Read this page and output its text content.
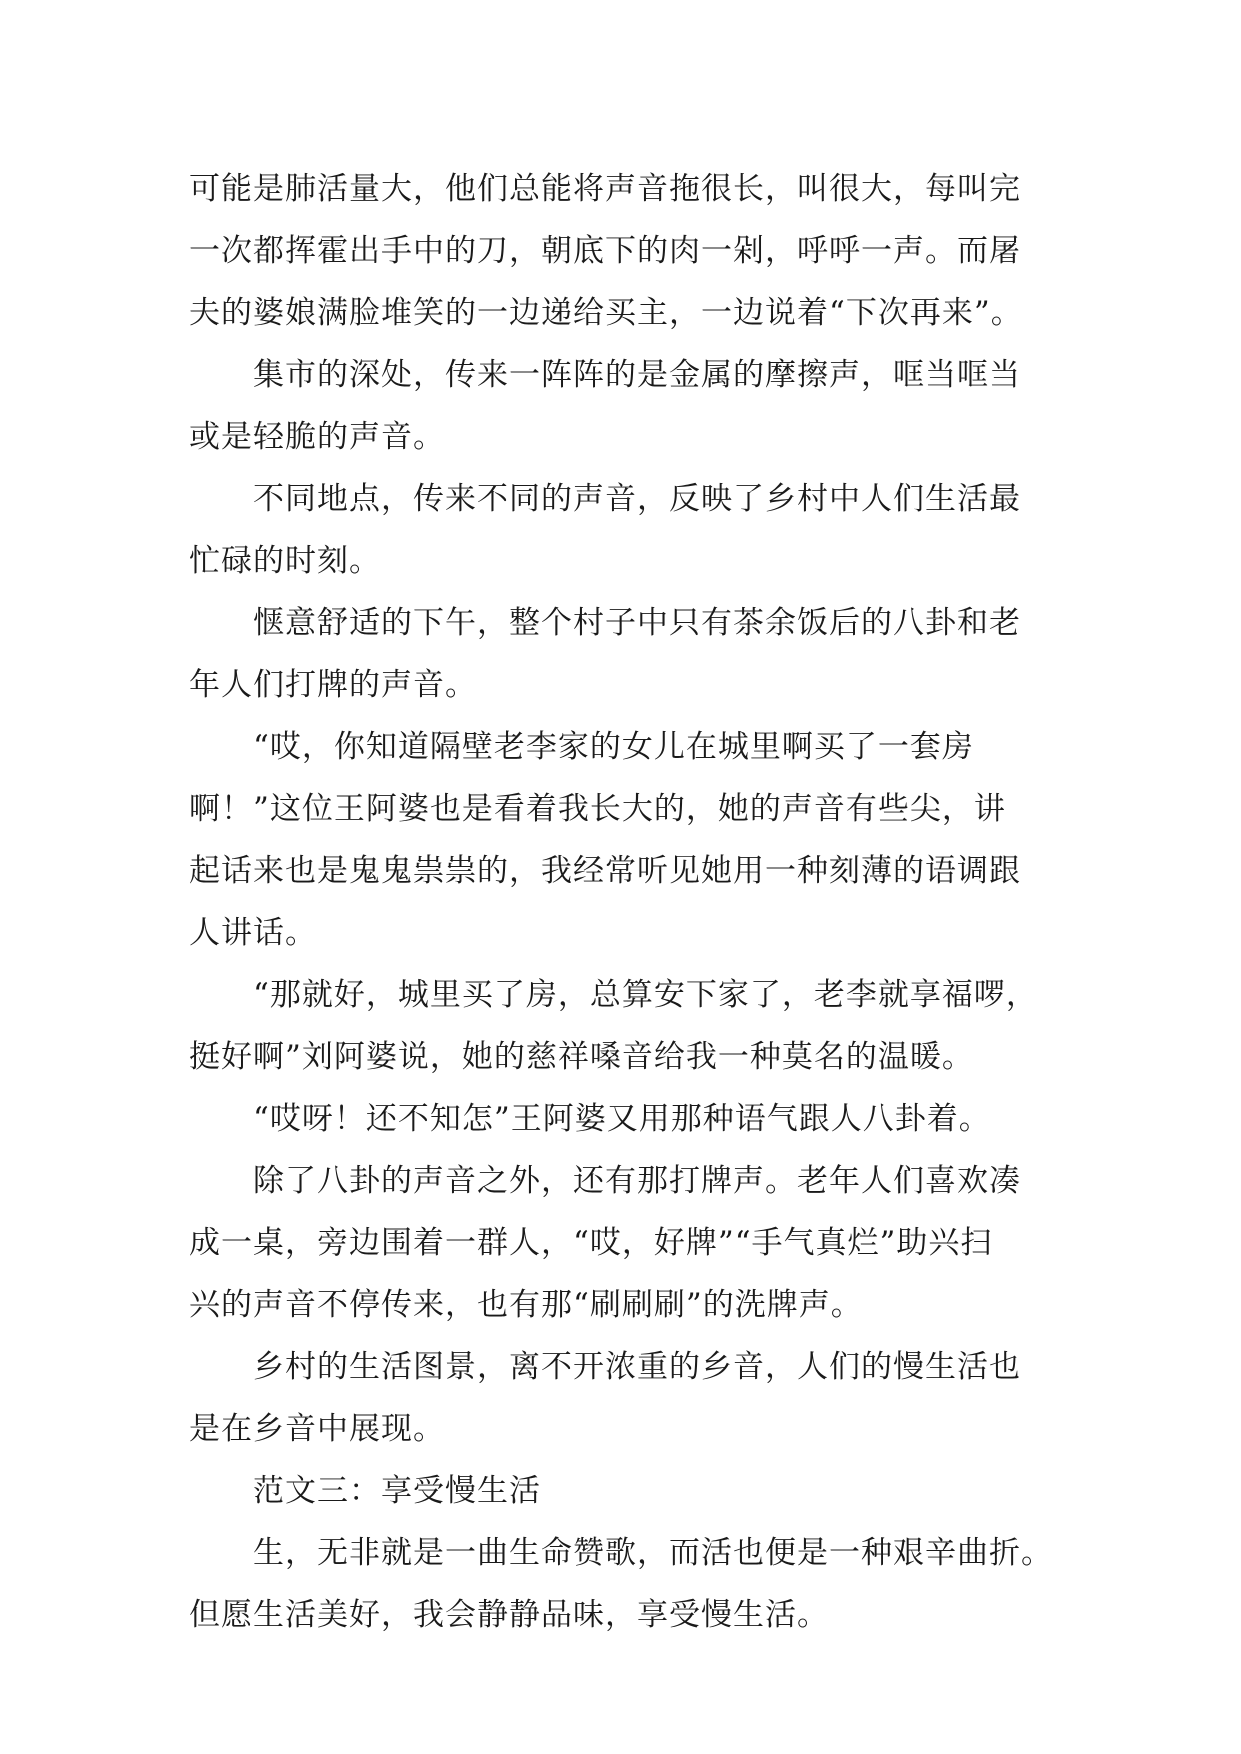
可能是肺活量大，他们总能将声音拖很长，叫很大，每叫完
一次都挥霍出手中的刀，朝底下的肉一剁，呼呼一声。而屠
夫的婆娘满脸堆笑的一边递给买主，一边说着“下次再来”。
集市的深处，传来一阵阵的是金属的摩擦声，哐当哐当
或是轻脆的声音。
不同地点，传来不同的声音，反映了乡村中人们生活最
忙碌的时刻。
惬意舒适的下午，整个村子中只有茶余饭后的八卦和老
年人们打牌的声音。
“哎，你知道隔壁老李家的女儿在城里啊买了一套房
啊！”这位王阿婆也是看着我长大的，她的声音有些尖，讲
起话来也是鬼鬼祟祟的，我经常听见她用一种刻薄的语调跟
人讲话。
“那就好，城里买了房，总算安下家了，老李就享福啰，
挺好啊”刘阿婆说，她的慈祥嗓音给我一种莫名的温暖。
“哎呀！还不知怎”王阿婆又用那种语气跟人八卦着。
除了八卦的声音之外，还有那打牌声。老年人们喜欢凑
成一桌，旁边围着一群人，“哎，好牌”“手气真烂”助兴扫
兴的声音不停传来，也有那“刷刷刷”的洗牌声。
乡村的生活图景，离不开浓重的乡音，人们的慢生活也
是在乡音中展现。
范文三：享受慢生活
生，无非就是一曲生命赞歌，而活也便是一种艰辛曲折。
但愿生活美好，我会静静品味，享受慢生活。
